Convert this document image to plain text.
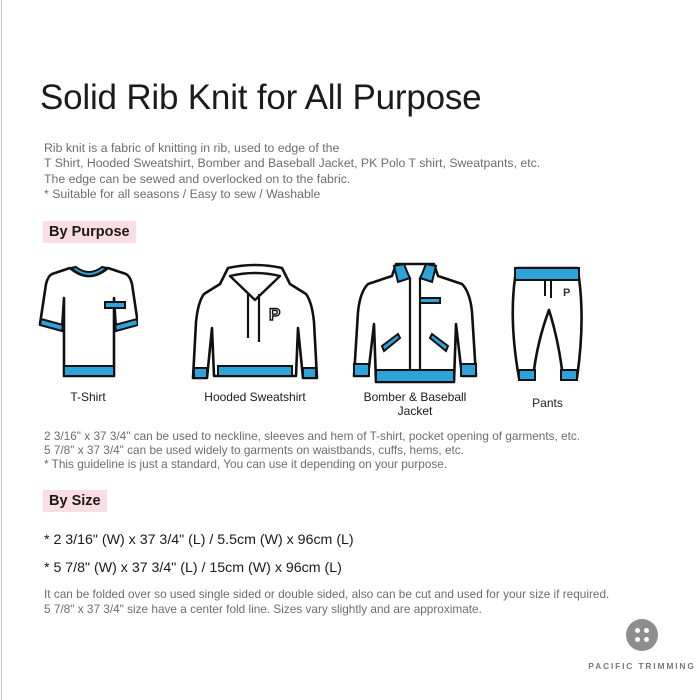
Solid Rib Knit for All Purpose
Rib knit is a fabric of knitting in rib, used to edge of the
T Shirt, Hooded Sweatshirt, Bomber and Baseball Jacket, PK Polo T shirt, Sweatpants, etc.
The edge can be sewed and overlocked on to the fabric.
* Suitable for all seasons / Easy to sew / Washable
By Purpose
T-Shirt
P
Hooded Sweatshirt	Bomber & Baseball
Jacket
P
Pants
2 3/16" x 37 3/4" can be used to neckline, sleeves and hem of T-shirt, pocket opening of garments, etc.
5 7/8" x 37 3/4" can be used widely to garments on waistbands, cuffs, hems, etc.
* This guideline is just a standard, You can use it depending on your purpose.
By Size
* 2 3/16" (W) x 37 3/4" (L) / 5.5cm (W) x 96cm (L)
* 5 7/8" (W) x 37 3/4" (L) / 15cm (W) x 96cm (L)
It can be folded over so used single sided or double sided, also can be cut and used for your size if required.
5 7/8" x 37 3/4" size have a center fold line. Sizes vary slightly and are approximate.
PACIFIC TRIMMING
